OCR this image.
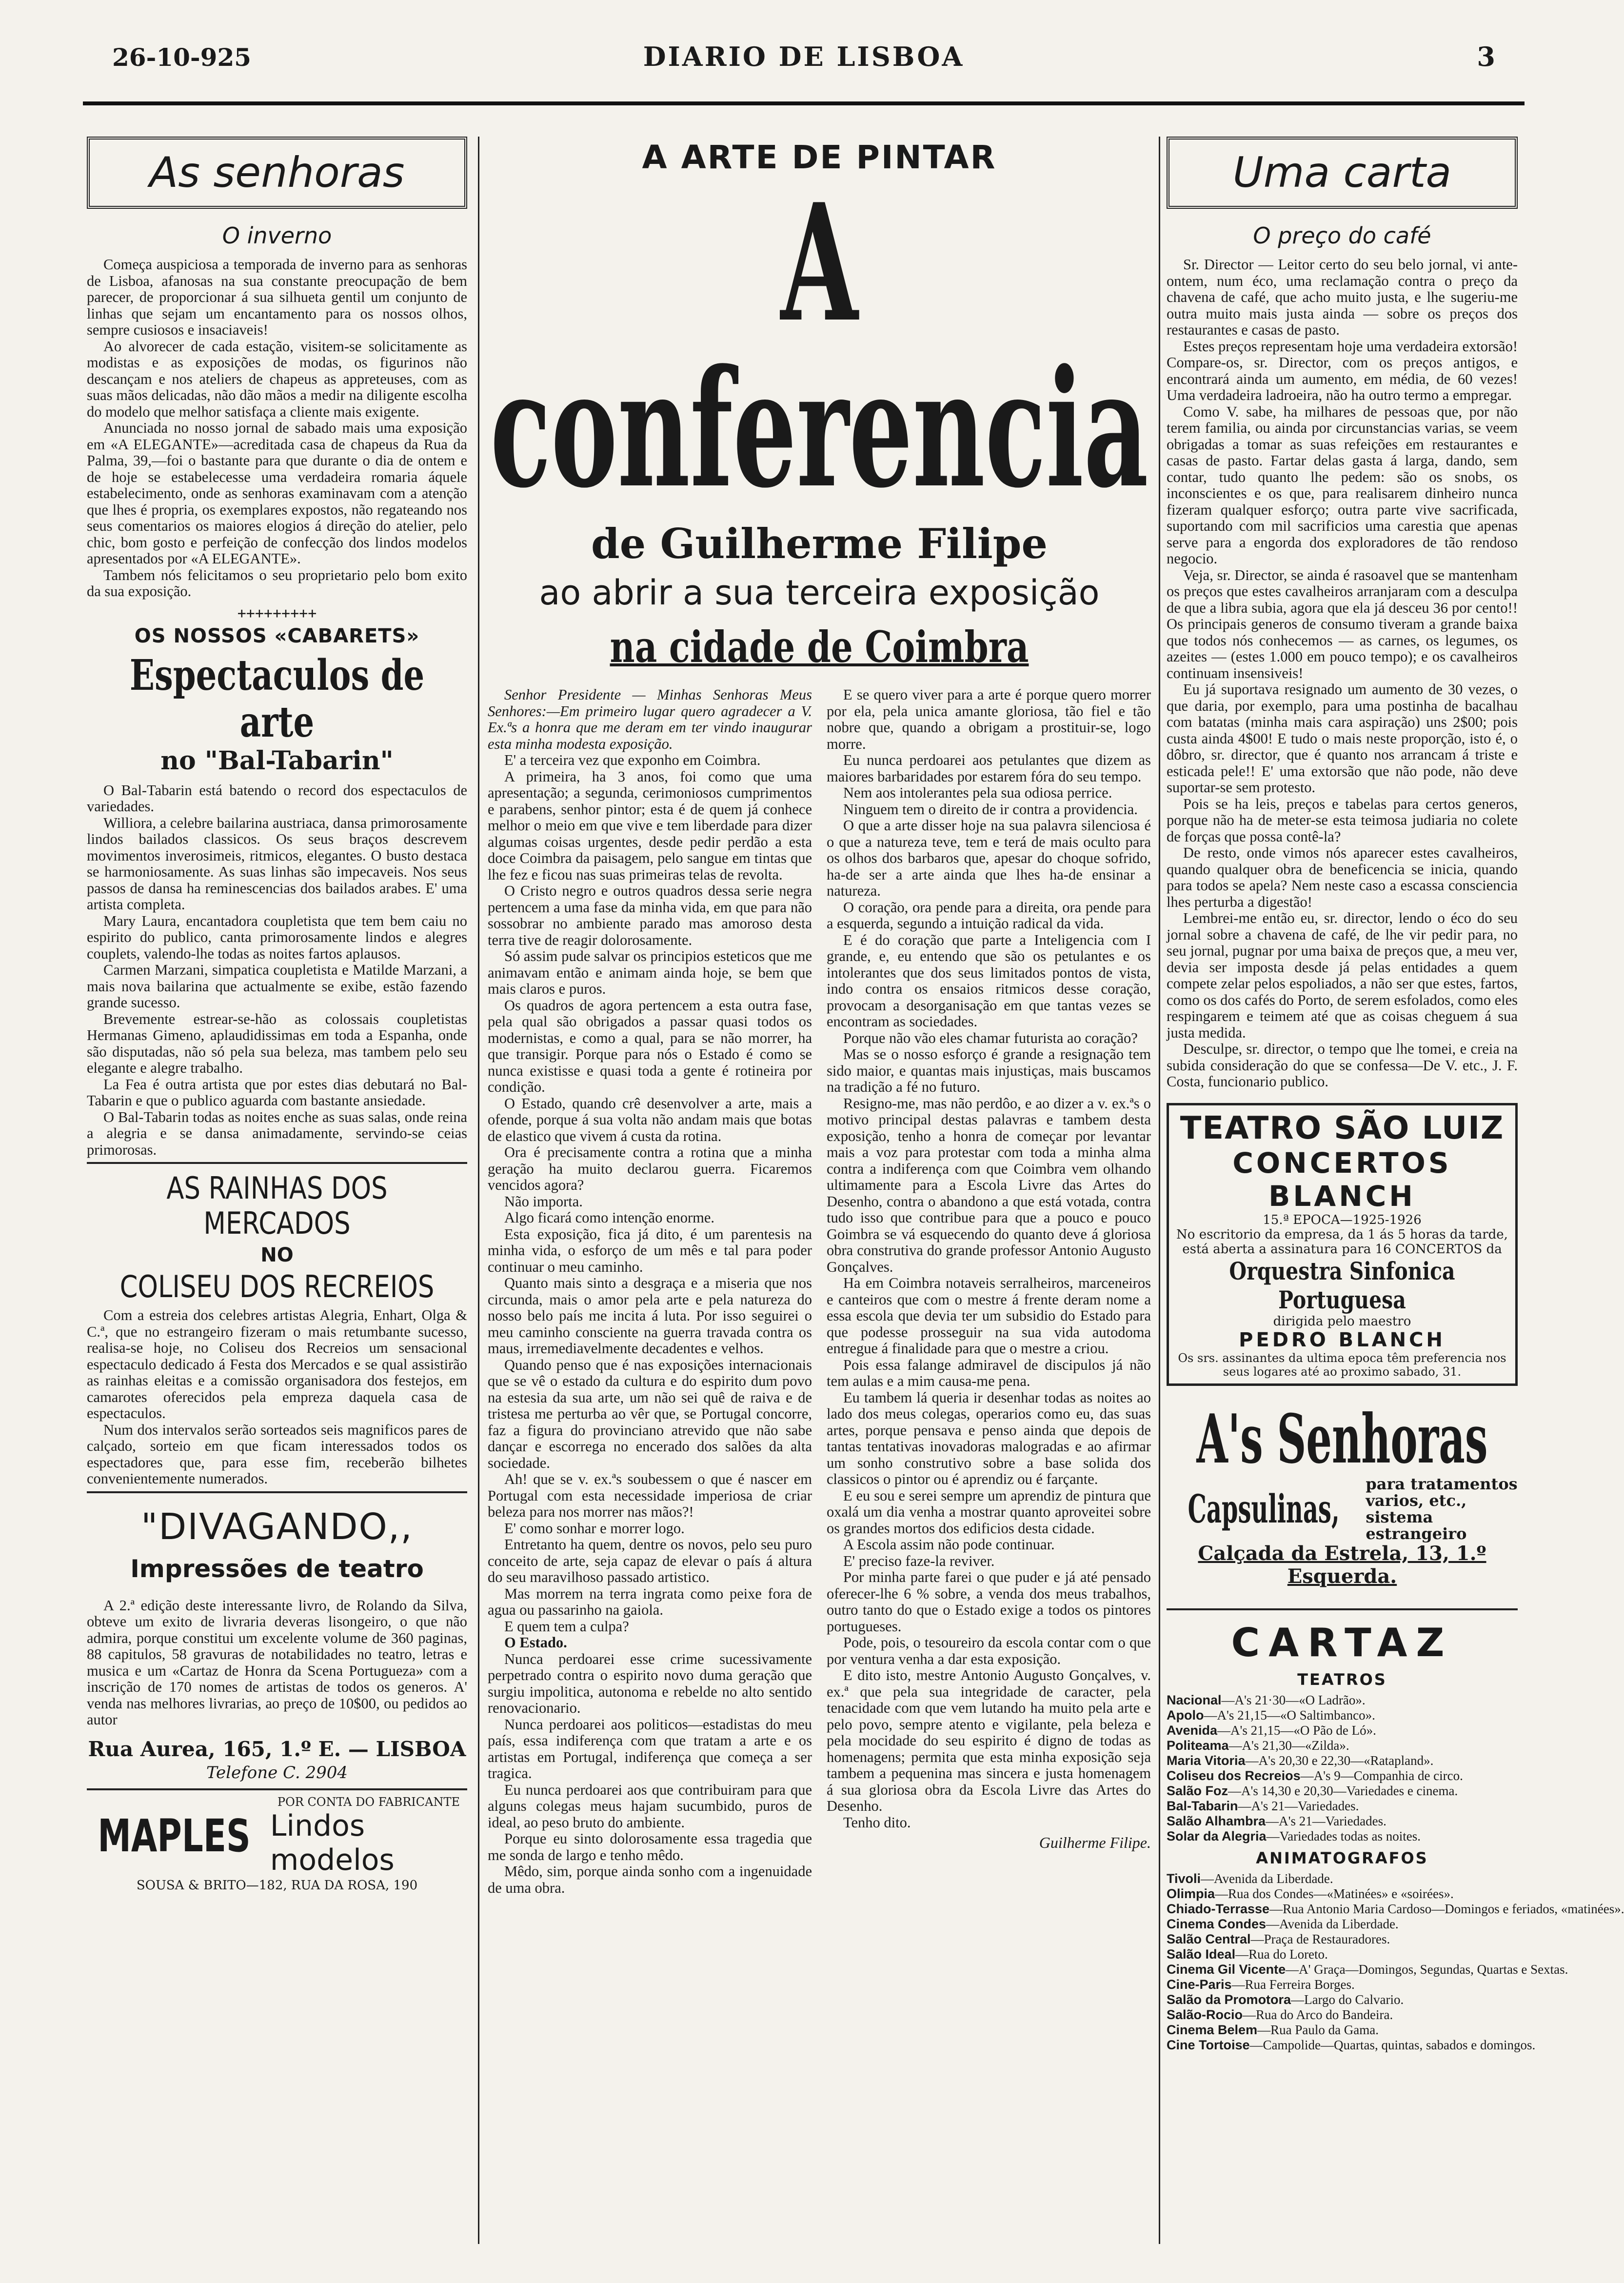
26-10-925	DIARIO DE LISBOA	3
As senhoras
O inverno

Começa auspiciosa a temporada de inverno para as senhoras de Lisboa, afanosas na sua constante preocupação de bem parecer, de proporcionar á sua silhueta gentil um conjunto de linhas que sejam um encantamento para os nossos olhos, sempre cusiosos e insaciaveis!

Ao alvorecer de cada estação, visitem-se solicitamente as modistas e as exposições de modas, os figurinos não descançam e nos ateliers de chapeus as appreteuses, com as suas mãos delicadas, não dão mãos a medir na diligente escolha do modelo que melhor satisfaça a cliente mais exigente.

Anunciada no nosso jornal de sabado mais uma exposição em «A ELEGANTE»—acreditada casa de chapeus da Rua da Palma, 39,—foi o bastante para que durante o dia de ontem e de hoje se estabelecesse uma verdadeira romaria áquele estabelecimento, onde as senhoras examinavam com a atenção que lhes é propria, os exemplares expostos, não regateando nos seus comentarios os maiores elogios á direção do atelier, pelo chic, bom gosto e perfeição de confecção dos lindos modelos apresentados por «A ELEGANTE».

Tambem nós felicitamos o seu proprietario pelo bom exito da sua exposição.

+++++++++
OS NOSSOS «CABARETS»
Espectaculos de arte
no "Bal-Tabarin"

O Bal-Tabarin está batendo o record dos espectaculos de variedades.

Williora, a celebre bailarina austriaca, dansa primorosamente lindos bailados classicos. Os seus braços descrevem movimentos inverosimeis, ritmicos, elegantes. O busto destaca se harmoniosamente. As suas linhas são impecaveis. Nos seus passos de dansa ha reminescencias dos bailados arabes. E' uma artista completa.

Mary Laura, encantadora coupletista que tem bem caiu no espirito do publico, canta primorosamente lindos e alegres couplets, valendo-lhe todas as noites fartos aplausos.

Carmen Marzani, simpatica coupletista e Matilde Marzani, a mais nova bailarina que actualmente se exibe, estão fazendo grande sucesso.

Brevemente estrear-se-hão as colossais coupletistas Hermanas Gimeno, aplaudidissimas em toda a Espanha, onde são disputadas, não só pela sua beleza, mas tambem pelo seu elegante e alegre trabalho.

La Fea é outra artista que por estes dias debutará no Bal-Tabarin e que o publico aguarda com bastante ansiedade.

O Bal-Tabarin todas as noites enche as suas salas, onde reina a alegria e se dansa animadamente, servindo-se ceias primorosas.

AS RAINHAS DOS MERCADOS
NO
COLISEU DOS RECREIOS

Com a estreia dos celebres artistas Alegria, Enhart, Olga & C.ª, que no estrangeiro fizeram o mais retumbante sucesso, realisa-se hoje, no Coliseu dos Recreios um sensacional espectaculo dedicado á Festa dos Mercados e se qual assistirão as rainhas eleitas e a comissão organisadora dos festejos, em camarotes oferecidos pela empreza daquela casa de espectaculos.

Num dos intervalos serão sorteados seis magnificos pares de calçado, sorteio em que ficam interessados todos os espectadores que, para esse fim, receberão bilhetes convenientemente numerados.

"DIVAGANDO,,
Impressões de teatro

A 2.ª edição deste interessante livro, de Rolando da Silva, obteve um exito de livraria deveras lisongeiro, o que não admira, porque constitui um excelente volume de 360 paginas, 88 capitulos, 58 gravuras de notabilidades no teatro, letras e musica e um «Cartaz de Honra da Scena Portugueza» com a inscrição de 170 nomes de artistas de todos os generos. A' venda nas melhores livrarias, ao preço de 10$00, ou pedidos ao autor

Rua Aurea, 165, 1.º E. — LISBOA
Telefone C. 2904
MAPLES
POR CONTA DO FABRICANTE
Lindos modelos
SOUSA & BRITO—182, RUA DA ROSA, 190
A ARTE DE PINTAR
A conferencia
de Guilherme Filipe
ao abrir a sua terceira exposição
na cidade de Coimbra

Senhor Presidente — Minhas Senhoras Meus Senhores:—Em primeiro lugar quero agradecer a V. Ex.ªs a honra que me deram em ter vindo inaugurar esta minha modesta exposição.

E' a terceira vez que exponho em Coimbra.

A primeira, ha 3 anos, foi como que uma apresentação; a segunda, cerimoniosos cumprimentos e parabens, senhor pintor; esta é de quem já conhece melhor o meio em que vive e tem liberdade para dizer algumas coisas urgentes, desde pedir perdão a esta doce Coimbra da paisagem, pelo sangue em tintas que lhe fez e ficou nas suas primeiras telas de revolta.

O Cristo negro e outros quadros dessa serie negra pertencem a uma fase da minha vida, em que para não sossobrar no ambiente parado mas amoroso desta terra tive de reagir dolorosamente.

Só assim pude salvar os principios esteticos que me animavam então e animam ainda hoje, se bem que mais claros e puros.

Os quadros de agora pertencem a esta outra fase, pela qual são obrigados a passar quasi todos os modernistas, e como a qual, para se não morrer, ha que transigir. Porque para nós o Estado é como se nunca existisse e quasi toda a gente é rotineira por condição.

O Estado, quando crê desenvolver a arte, mais a ofende, porque á sua volta não andam mais que botas de elastico que vivem á custa da rotina.

Ora é precisamente contra a rotina que a minha geração ha muito declarou guerra. Ficaremos vencidos agora?

Não importa.

Algo ficará como intenção enorme.

Esta exposição, fica já dito, é um parentesis na minha vida, o esforço de um mês e tal para poder continuar o meu caminho.

Quanto mais sinto a desgraça e a miseria que nos circunda, mais o amor pela arte e pela natureza do nosso belo país me incita á luta. Por isso seguirei o meu caminho consciente na guerra travada contra os maus, irremediavelmente decadentes e velhos.

Quando penso que é nas exposições internacionais que se vê o estado da cultura e do espirito dum povo na estesia da sua arte, um não sei quê de raiva e de tristesa me perturba ao vêr que, se Portugal concorre, faz a figura do provinciano atrevido que não sabe dançar e escorrega no encerado dos salões da alta sociedade.

Ah! que se v. ex.ªs soubessem o que é nascer em Portugal com esta necessidade imperiosa de criar beleza para nos morrer nas mãos?!

E' como sonhar e morrer logo.

Entretanto ha quem, dentre os novos, pelo seu puro conceito de arte, seja capaz de elevar o país á altura do seu maravilhoso passado artistico.

Mas morrem na terra ingrata como peixe fora de agua ou passarinho na gaiola.

E quem tem a culpa?

O Estado.

Nunca perdoarei esse crime sucessivamente perpetrado contra o espirito novo duma geração que surgiu impolitica, autonoma e rebelde no alto sentido renovacionario.

Nunca perdoarei aos politicos—estadistas do meu país, essa indiferença com que tratam a arte e os artistas em Portugal, indiferença que começa a ser tragica.

Eu nunca perdoarei aos que contribuiram para que alguns colegas meus hajam sucumbido, puros de ideal, ao peso bruto do ambiente.

Porque eu sinto dolorosamente essa tragedia que me sonda de largo e tenho mêdo.

Mêdo, sim, porque ainda sonho com a ingenuidade de uma obra.

E se quero viver para a arte é porque quero morrer por ela, pela unica amante gloriosa, tão fiel e tão nobre que, quando a obrigam a prostituir-se, logo morre.

Eu nunca perdoarei aos petulantes que dizem as maiores barbaridades por estarem fóra do seu tempo.

Nem aos intolerantes pela sua odiosa perrice.

Ninguem tem o direito de ir contra a providencia.

O que a arte disser hoje na sua palavra silenciosa é o que a natureza teve, tem e terá de mais oculto para os olhos dos barbaros que, apesar do choque sofrido, ha-de ser a arte ainda que lhes ha-de ensinar a natureza.

O coração, ora pende para a direita, ora pende para a esquerda, segundo a intuição radical da vida.

E é do coração que parte a Inteligencia com I grande, e, eu entendo que são os petulantes e os intolerantes que dos seus limitados pontos de vista, indo contra os ensaios ritmicos desse coração, provocam a desorganisação em que tantas vezes se encontram as sociedades.

Porque não vão eles chamar futurista ao coração?

Mas se o nosso esforço é grande a resignação tem sido maior, e quantas mais injustiças, mais buscamos na tradição a fé no futuro.

Resigno-me, mas não perdôo, e ao dizer a v. ex.ªs o motivo principal destas palavras e tambem desta exposição, tenho a honra de começar por levantar mais a voz para protestar com toda a minha alma contra a indiferença com que Coimbra vem olhando ultimamente para a Escola Livre das Artes do Desenho, contra o abandono a que está votada, contra tudo isso que contribue para que a pouco e pouco Goimbra se vá esquecendo do quanto deve á gloriosa obra construtiva do grande professor Antonio Augusto Gonçalves.

Ha em Coimbra notaveis serralheiros, marceneiros e canteiros que com o mestre á frente deram nome a essa escola que devia ter um subsidio do Estado para que podesse prosseguir na sua vida autodoma entregue á finalidade para que o mestre a criou.

Pois essa falange admiravel de discipulos já não tem aulas e a mim causa-me pena.

Eu tambem lá queria ir desenhar todas as noites ao lado dos meus colegas, operarios como eu, das suas artes, porque pensava e penso ainda que depois de tantas tentativas inovadoras malogradas e ao afirmar um sonho construtivo sobre a base solida dos classicos o pintor ou é aprendiz ou é farçante.

E eu sou e serei sempre um aprendiz de pintura que oxalá um dia venha a mostrar quanto aproveitei sobre os grandes mortos dos edificios desta cidade.

A Escola assim não pode continuar.

E' preciso faze-la reviver.

Por minha parte farei o que puder e já até pensado oferecer-lhe 6 % sobre, a venda dos meus trabalhos, outro tanto do que o Estado exige a todos os pintores portugueses.

Pode, pois, o tesoureiro da escola contar com o que por ventura venha a dar esta exposição.

E dito isto, mestre Antonio Augusto Gonçalves, v. ex.ª que pela sua integridade de caracter, pela tenacidade com que vem lutando ha muito pela arte e pelo povo, sempre atento e vigilante, pela beleza e pela mocidade do seu espirito é digno de todas as homenagens; permita que esta minha exposição seja tambem a pequenina mas sincera e justa homenagem á sua gloriosa obra da Escola Livre das Artes do Desenho.

Tenho dito.

Guilherme Filipe.
Uma carta
O preço do café

Sr. Director — Leitor certo do seu belo jornal, vi ante-ontem, num éco, uma reclamação contra o preço da chavena de café, que acho muito justa, e lhe sugeriu-me outra muito mais justa ainda — sobre os preços dos restaurantes e casas de pasto.

Estes preços representam hoje uma verdadeira extorsão! Compare-os, sr. Director, com os preços antigos, e encontrará ainda um aumento, em média, de 60 vezes! Uma verdadeira ladroeira, não ha outro termo a empregar.

Como V. sabe, ha milhares de pessoas que, por não terem familia, ou ainda por circunstancias varias, se veem obrigadas a tomar as suas refeições em restaurantes e casas de pasto. Fartar delas gasta á larga, dando, sem contar, tudo quanto lhe pedem: são os snobs, os inconscientes e os que, para realisarem dinheiro nunca fizeram qualquer esforço; outra parte vive sacrificada, suportando com mil sacrificios uma carestia que apenas serve para a engorda dos exploradores de tão rendoso negocio.

Veja, sr. Director, se ainda é rasoavel que se mantenham os preços que estes cavalheiros arranjaram com a desculpa de que a libra subia, agora que ela já desceu 36 por cento!! Os principais generos de consumo tiveram a grande baixa que todos nós conhecemos — as carnes, os legumes, os azeites — (estes 1.000 em pouco tempo); e os cavalheiros continuam insensiveis!

Eu já suportava resignado um aumento de 30 vezes, o que daria, por exemplo, para uma postinha de bacalhau com batatas (minha mais cara aspiração) uns 2$00; pois custa ainda 4$00! E tudo o mais neste proporção, isto é, o dôbro, sr. director, que é quanto nos arrancam á triste e esticada pele!! E' uma extorsão que não pode, não deve suportar-se sem protesto.

Pois se ha leis, preços e tabelas para certos generos, porque não ha de meter-se esta teimosa judiaria no colete de forças que possa contê-la?

De resto, onde vimos nós aparecer estes cavalheiros, quando qualquer obra de beneficencia se inicia, quando para todos se apela? Nem neste caso a escassa consciencia lhes perturba a digestão!

Lembrei-me então eu, sr. director, lendo o éco do seu jornal sobre a chavena de café, de lhe vir pedir para, no seu jornal, pugnar por uma baixa de preços que, a meu ver, devia ser imposta desde já pelas entidades a quem compete zelar pelos espoliados, a não ser que estes, fartos, como os dos cafés do Porto, de serem esfolados, como eles respingarem e teimem até que as coisas cheguem á sua justa medida.

Desculpe, sr. director, o tempo que lhe tomei, e creia na subida consideração do que se confessa—De V. etc., J. F. Costa, funcionario publico.

TEATRO SÃO LUIZ
CONCERTOS BLANCH
15.ª EPOCA—1925-1926
No escritorio da empresa, da 1 ás 5 horas da tarde, está aberta a assinatura para 16 CONCERTOS da
Orquestra Sinfonica Portuguesa
dirigida pelo maestro
PEDRO BLANCH
Os srs. assinantes da ultima epoca têm preferencia nos seus logares até ao proximo sabado, 31.
A's Senhoras
Capsulinas,
para tratamentos varios, etc., sistema estrangeiro
Calçada da Estrela, 13, 1.º Esquerda.
CARTAZ
TEATROS
Nacional—A's 21·30—«O Ladrão».
Apolo—A's 21,15—«O Saltimbanco».
Avenida—A's 21,15—«O Pão de Ló».
Politeama—A's 21,30—«Zilda».
Maria Vitoria—A's 20,30 e 22,30—«Ratapland».
Coliseu dos Recreios—A's 9—Companhia de circo.
Salão Foz—A's 14,30 e 20,30—Variedades e cinema.
Bal-Tabarin—A's 21—Variedades.
Salão Alhambra—A's 21—Variedades.
Solar da Alegria—Variedades todas as noites.
ANIMATOGRAFOS
Tivoli—Avenida da Liberdade.
Olimpia—Rua dos Condes—«Matinées» e «soirées».
Chiado-Terrasse—Rua Antonio Maria Cardoso—Domingos e feriados, «matinées».
Cinema Condes—Avenida da Liberdade.
Salão Central—Praça de Restauradores.
Salão Ideal—Rua do Loreto.
Cinema Gil Vicente—A' Graça—Domingos, Segundas, Quartas e Sextas.
Cine-Paris—Rua Ferreira Borges.
Salão da Promotora—Largo do Calvario.
Salão-Rocio—Rua do Arco do Bandeira.
Cinema Belem—Rua Paulo da Gama.
Cine Tortoise—Campolide—Quartas, quintas, sabados e domingos.
